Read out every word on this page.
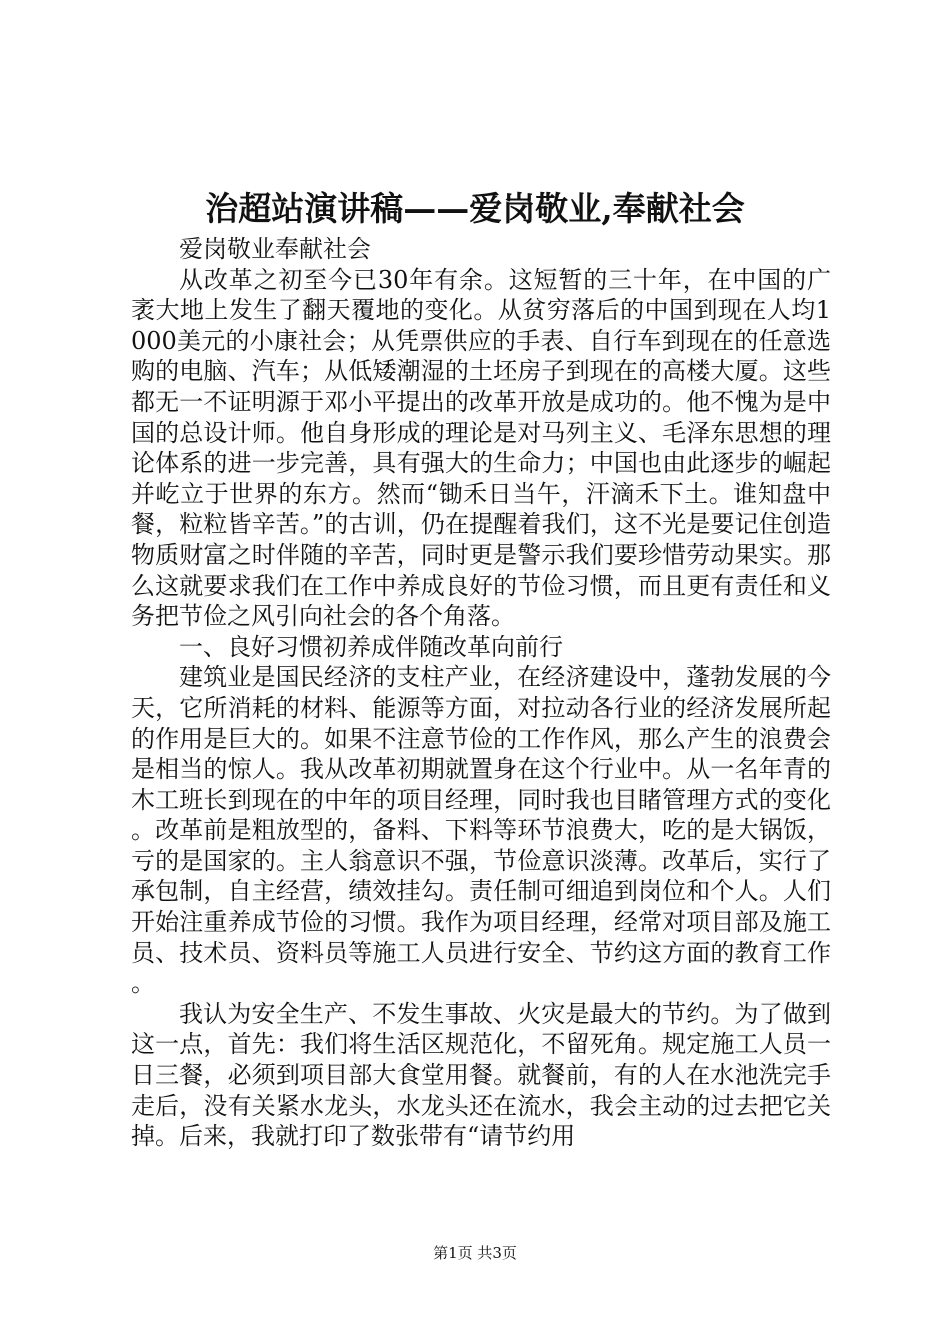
治超站演讲稿——爱岗敬业,奉献社会

爱岗敬业奉献社会

从改革之初至今已30年有余。这短暂的三十年，在中国的广袤大地上发生了翻天覆地的变化。从贫穷落后的中国到现在人均1000美元的小康社会；从凭票供应的手表、自行车到现在的任意选购的电脑、汽车；从低矮潮湿的土坯房子到现在的高楼大厦。这些都无一不证明源于邓小平提出的改革开放是成功的。他不愧为是中国的总设计师。他自身形成的理论是对马列主义、毛泽东思想的理论体系的进一步完善，具有强大的生命力；中国也由此逐步的崛起并屹立于世界的东方。然而“锄禾日当午，汗滴禾下土。谁知盘中餐，粒粒皆辛苦。”的古训，仍在提醒着我们，这不光是要记住创造物质财富之时伴随的辛苦，同时更是警示我们要珍惜劳动果实。那么这就要求我们在工作中养成良好的节俭习惯，而且更有责任和义务把节俭之风引向社会的各个角落。

一、良好习惯初养成伴随改革向前行

建筑业是国民经济的支柱产业，在经济建设中，蓬勃发展的今天，它所消耗的材料、能源等方面，对拉动各行业的经济发展所起的作用是巨大的。如果不注意节俭的工作作风，那么产生的浪费会是相当的惊人。我从改革初期就置身在这个行业中。从一名年青的木工班长到现在的中年的项目经理，同时我也目睹管理方式的变化。改革前是粗放型的，备料、下料等环节浪费大，吃的是大锅饭，亏的是国家的。主人翁意识不强，节俭意识淡薄。改革后，实行了承包制，自主经营，绩效挂勾。责任制可细追到岗位和个人。人们开始注重养成节俭的习惯。我作为项目经理，经常对项目部及施工员、技术员、资料员等施工人员进行安全、节约这方面的教育工作。

我认为安全生产、不发生事故、火灾是最大的节约。为了做到这一点，首先：我们将生活区规范化，不留死角。规定施工人员一日三餐，必须到项目部大食堂用餐。就餐前，有的人在水池洗完手走后，没有关紧水龙头，水龙头还在流水，我会主动的过去把它关掉。后来，我就打印了数张带有“请节约用

第1页 共3页
